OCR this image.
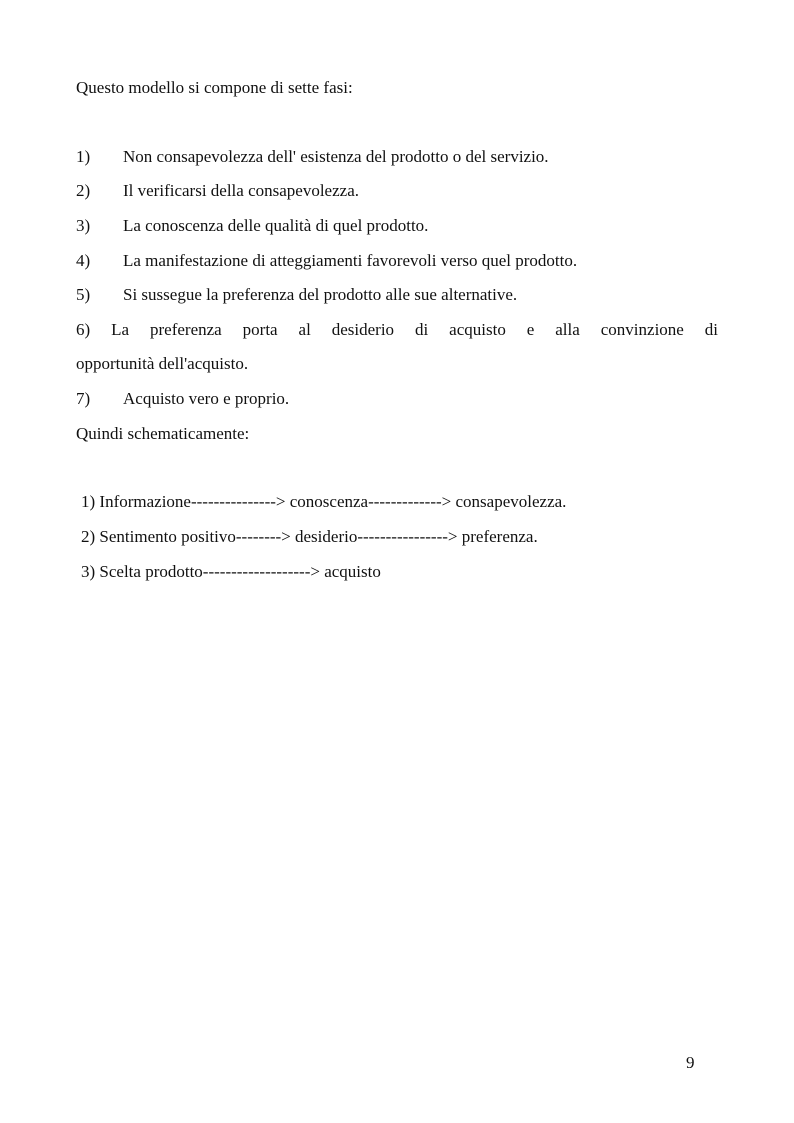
Questo modello si compone di sette fasi:
1) Non consapevolezza dell' esistenza del prodotto o del servizio.
2) Il verificarsi della consapevolezza.
3) La conoscenza delle qualità di quel prodotto.
4) La manifestazione di atteggiamenti favorevoli verso quel prodotto.
5) Si sussegue la preferenza del prodotto alle sue alternative.
6) La preferenza porta al desiderio di acquisto e alla convinzione di
opportunità dell'acquisto.
7) Acquisto vero e proprio.
Quindi schematicamente:
1) Informazione---------------> conoscenza-------------> consapevolezza.
2) Sentimento positivo--------> desiderio----------------> preferenza.
3) Scelta prodotto-------------------> acquisto
9
